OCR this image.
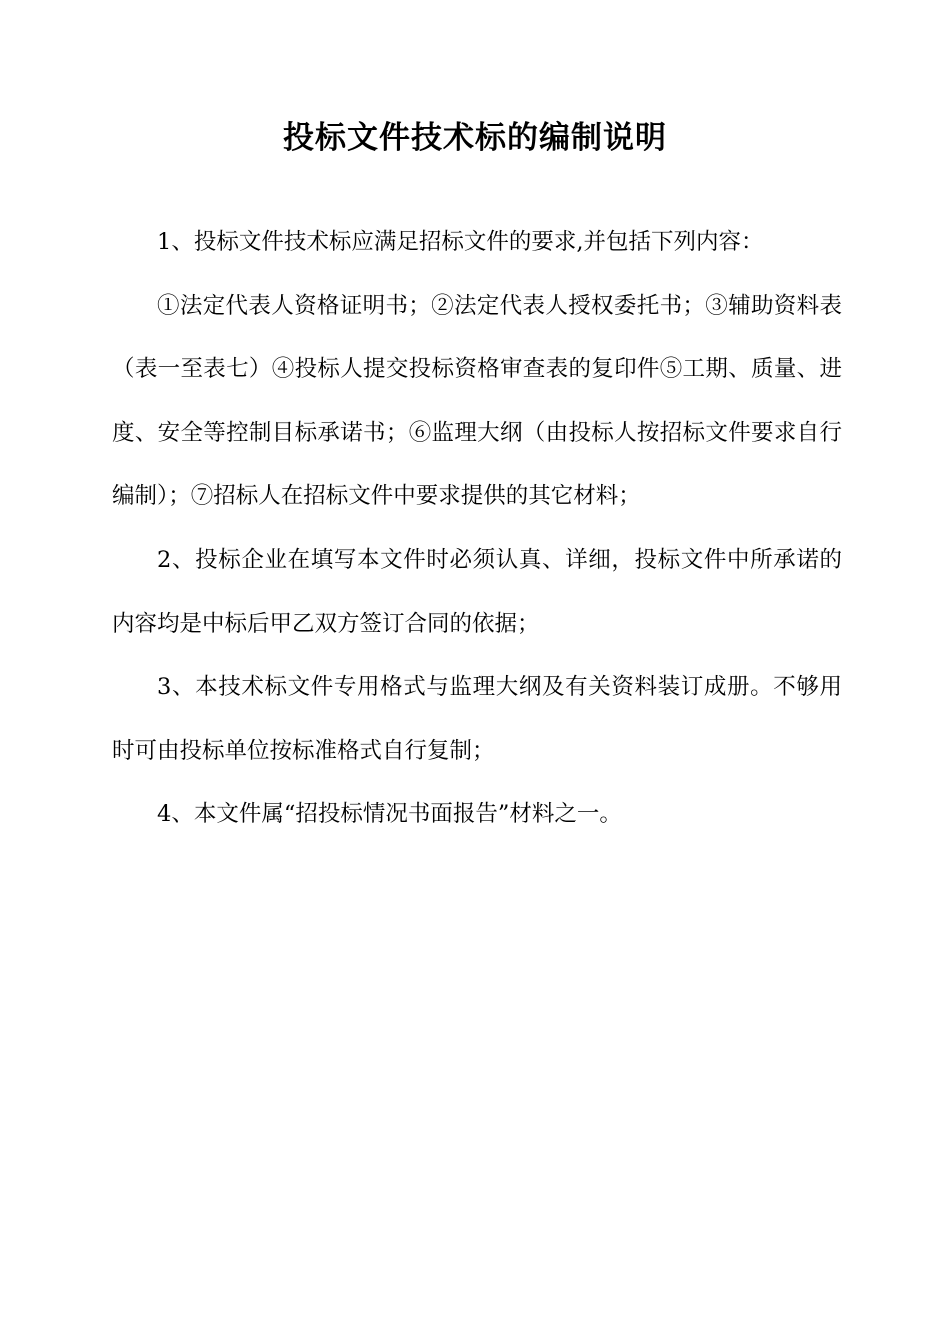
投标文件技术标的编制说明

1、投标文件技术标应满足招标文件的要求,并包括下列内容：

①法定代表人资格证明书；②法定代表人授权委托书；③辅助资料表（表一至表七）④投标人提交投标资格审查表的复印件⑤工期、质量、进度、安全等控制目标承诺书；⑥监理大纲（由投标人按招标文件要求自行编制）；⑦招标人在招标文件中要求提供的其它材料；

2、投标企业在填写本文件时必须认真、详细，投标文件中所承诺的内容均是中标后甲乙双方签订合同的依据；

3、本技术标文件专用格式与监理大纲及有关资料装订成册。不够用时可由投标单位按标准格式自行复制；

4、本文件属“招投标情况书面报告”材料之一。
